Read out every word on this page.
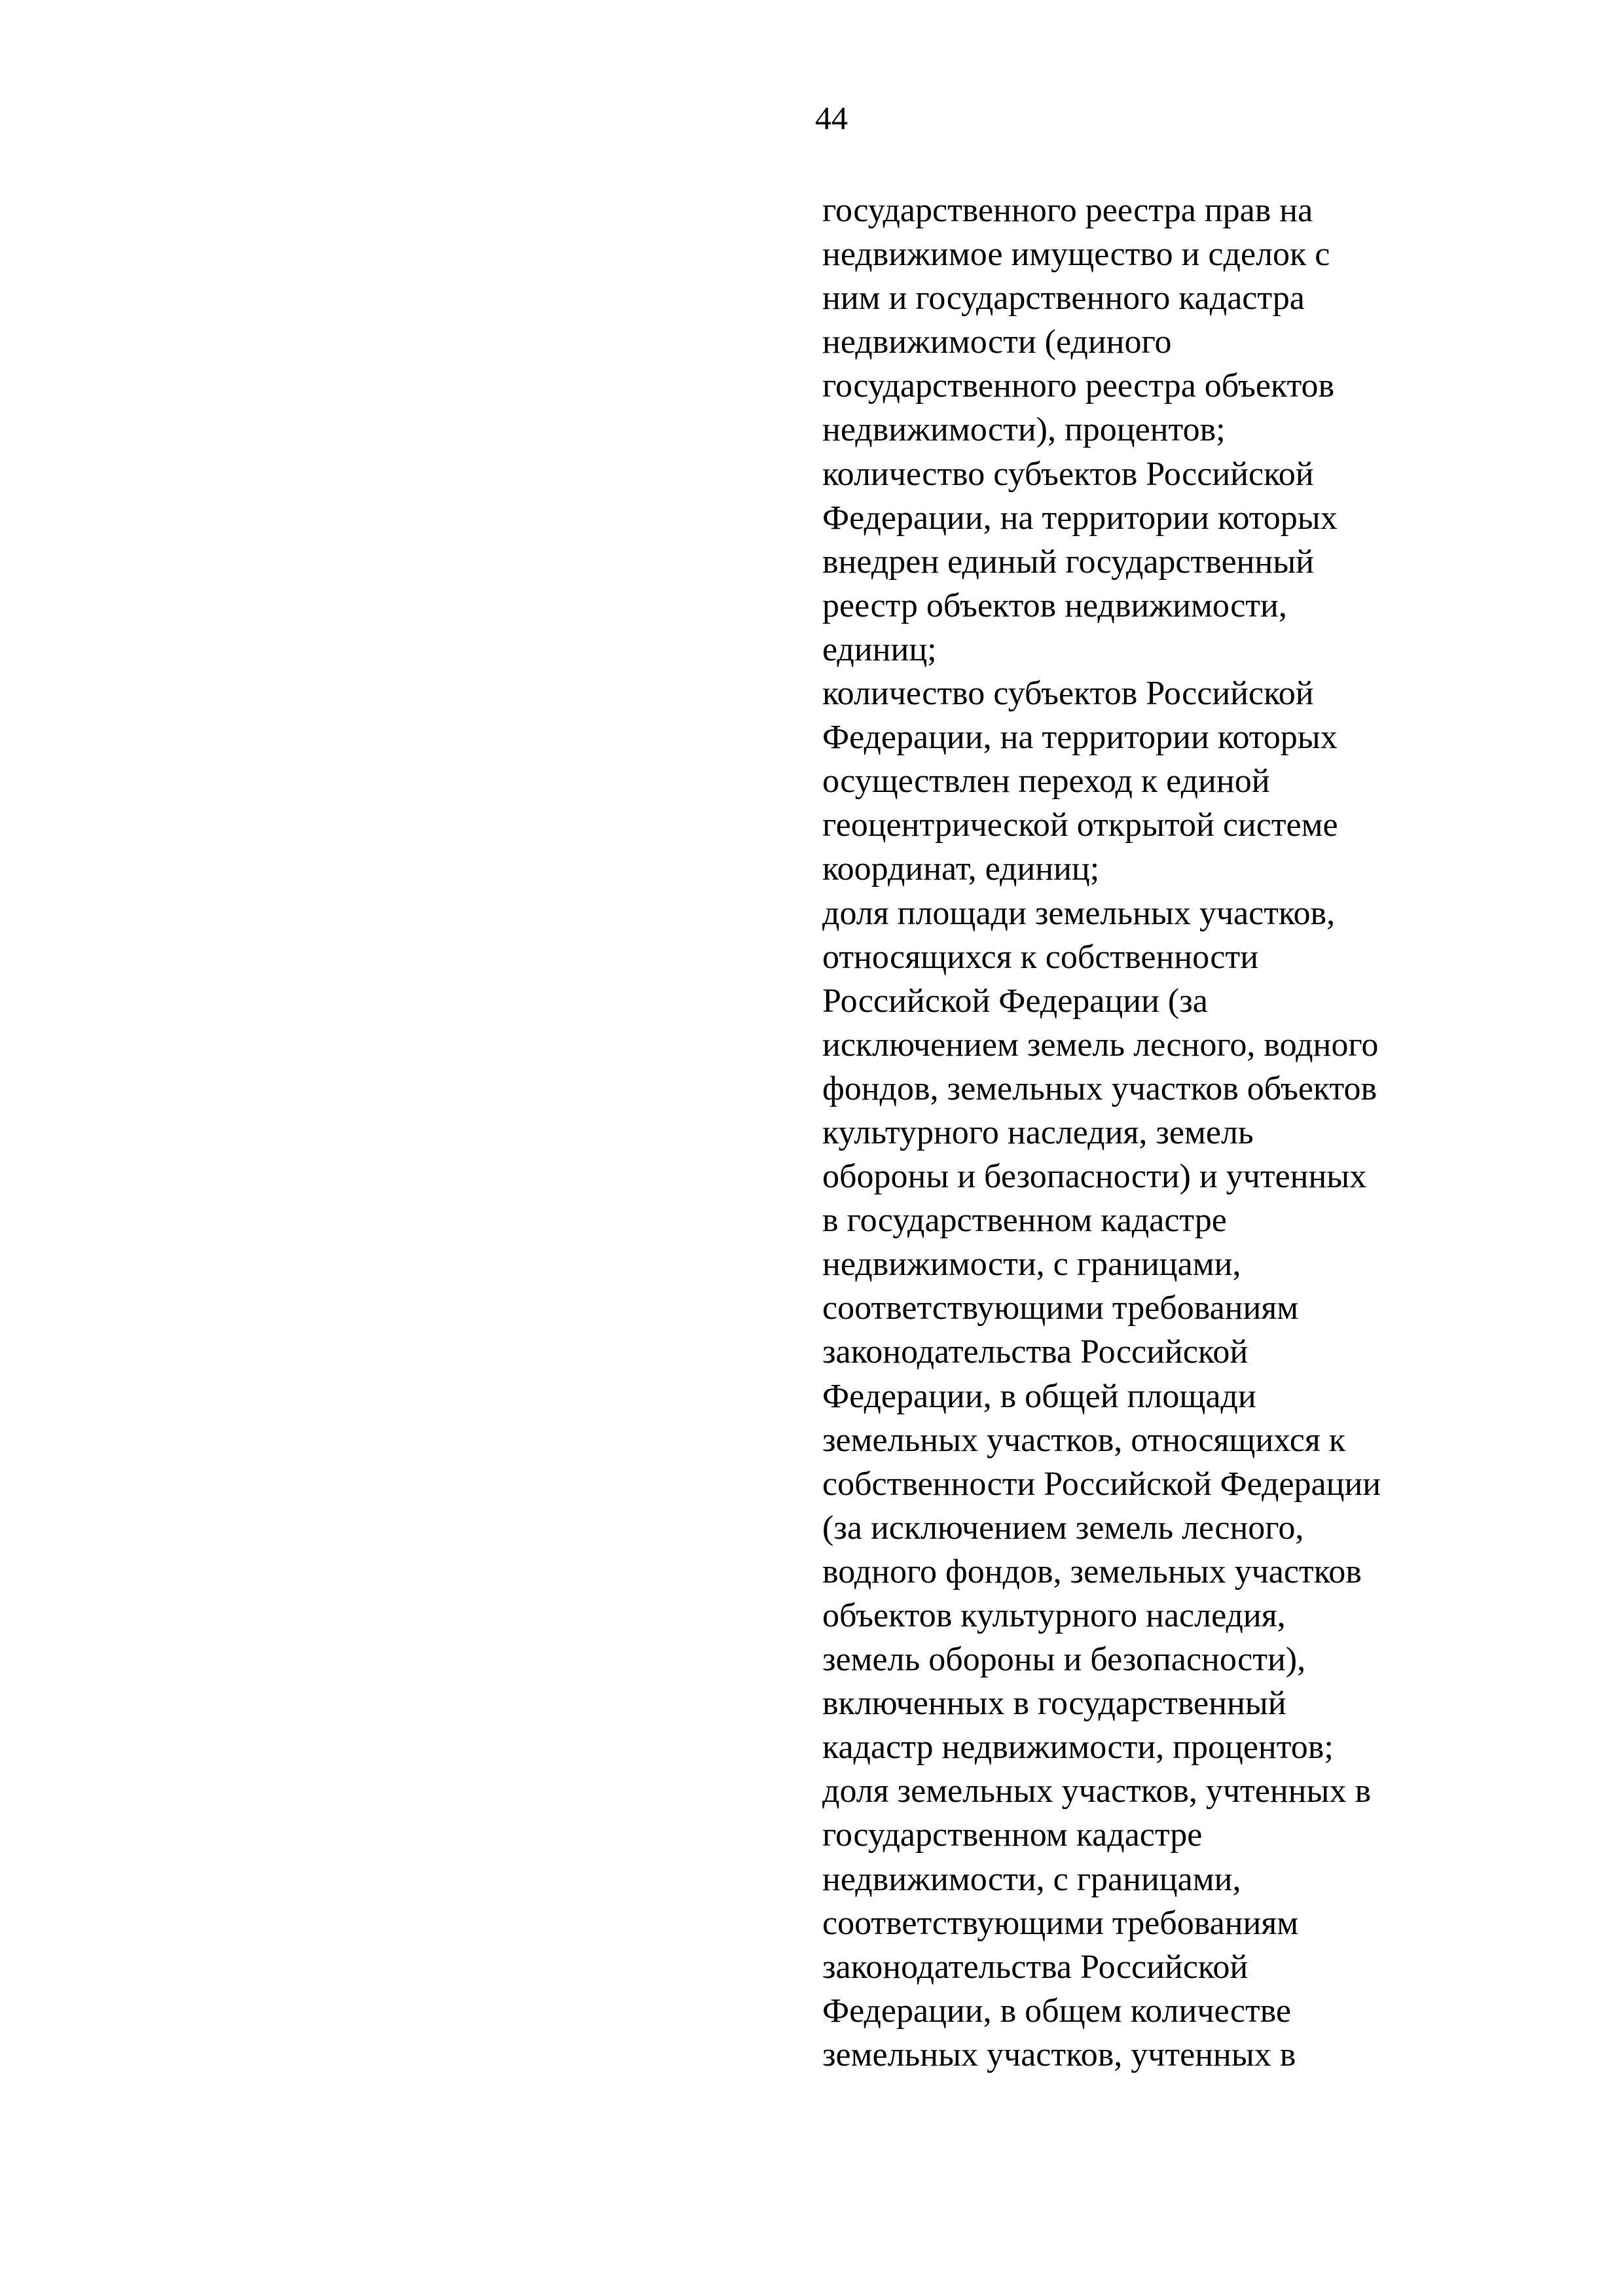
44
государственного реестра прав на
недвижимое имущество и сделок с
ним и государственного кадастра
недвижимости (единого
государственного реестра объектов
недвижимости), процентов;
количество субъектов Российской
Федерации, на территории которых
внедрен единый государственный
реестр объектов недвижимости,
единиц;
количество субъектов Российской
Федерации, на территории которых
осуществлен переход к единой
геоцентрической открытой системе
координат, единиц;
доля площади земельных участков,
относящихся к собственности
Российской Федерации (за
исключением земель лесного, водного
фондов, земельных участков объектов
культурного наследия, земель
обороны и безопасности) и учтенных
в государственном кадастре
недвижимости, с границами,
соответствующими требованиям
законодательства Российской
Федерации, в общей площади
земельных участков, относящихся к
собственности Российской Федерации
(за исключением земель лесного,
водного фондов, земельных участков
объектов культурного наследия,
земель обороны и безопасности),
включенных в государственный
кадастр недвижимости, процентов;
доля земельных участков, учтенных в
государственном кадастре
недвижимости, с границами,
соответствующими требованиям
законодательства Российской
Федерации, в общем количестве
земельных участков, учтенных в
